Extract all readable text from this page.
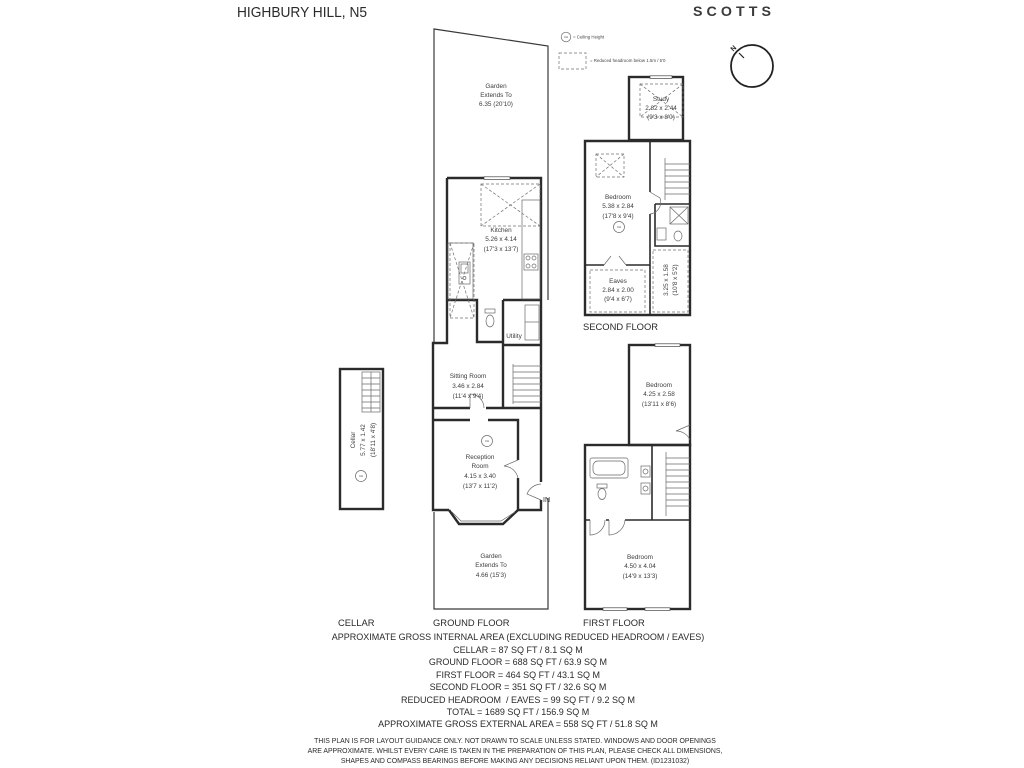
HIGHBURY HILL, N5	SCOTTS
CH = Ceiling Height
= Reduced headroom below 1.5m / 5'0
N
Cellar 5.77 x 1.42 (18'11 x 4'8)
CH
CELLAR
Kitchen
5.26 x 4.14
(17'3 x 13'7)
Utility
Sitting Room
3.46 x 2.84
(11'4 x 9'4)
CH
Reception
Room
4.15 x 3.40
(13'7 x 11'2)
IN
Garden
Extends To
6.35 (20'10)
Garden
Extends To
4.66 (15'3)
GROUND FLOOR
Study
2.82 x 2.44
(9'3 x 8'0)
Bedroom
5.38 x 2.84
(17'8 x 9'4)
CH
Eaves
2.84 x 2.00
(9'4 x 6'7)
3.25 x 1.58 (10'8 x 5'2)
SECOND FLOOR
Bedroom
4.25 x 2.58
(13'11 x 8'6)
Bedroom
4.50 x 4.04
(14'9 x 13'3)
FIRST FLOOR
APPROXIMATE GROSS INTERNAL AREA (EXCLUDING REDUCED HEADROOM / EAVES)
CELLAR = 87 SQ FT / 8.1 SQ M
GROUND FLOOR = 688 SQ FT / 63.9 SQ M
FIRST FLOOR = 464 SQ FT / 43.1 SQ M
SECOND FLOOR = 351 SQ FT / 32.6 SQ M
REDUCED HEADROOM  / EAVES = 99 SQ FT / 9.2 SQ M
TOTAL = 1689 SQ FT / 156.9 SQ M
APPROXIMATE GROSS EXTERNAL AREA = 558 SQ FT / 51.8 SQ M
THIS PLAN IS FOR LAYOUT GUIDANCE ONLY. NOT DRAWN TO SCALE UNLESS STATED. WINDOWS AND DOOR OPENINGS
ARE APPROXIMATE. WHILST EVERY CARE IS TAKEN IN THE PREPARATION OF THIS PLAN, PLEASE CHECK ALL DIMENSIONS,
SHAPES AND COMPASS BEARINGS BEFORE MAKING ANY DECISIONS RELIANT UPON THEM. (ID1231032)
